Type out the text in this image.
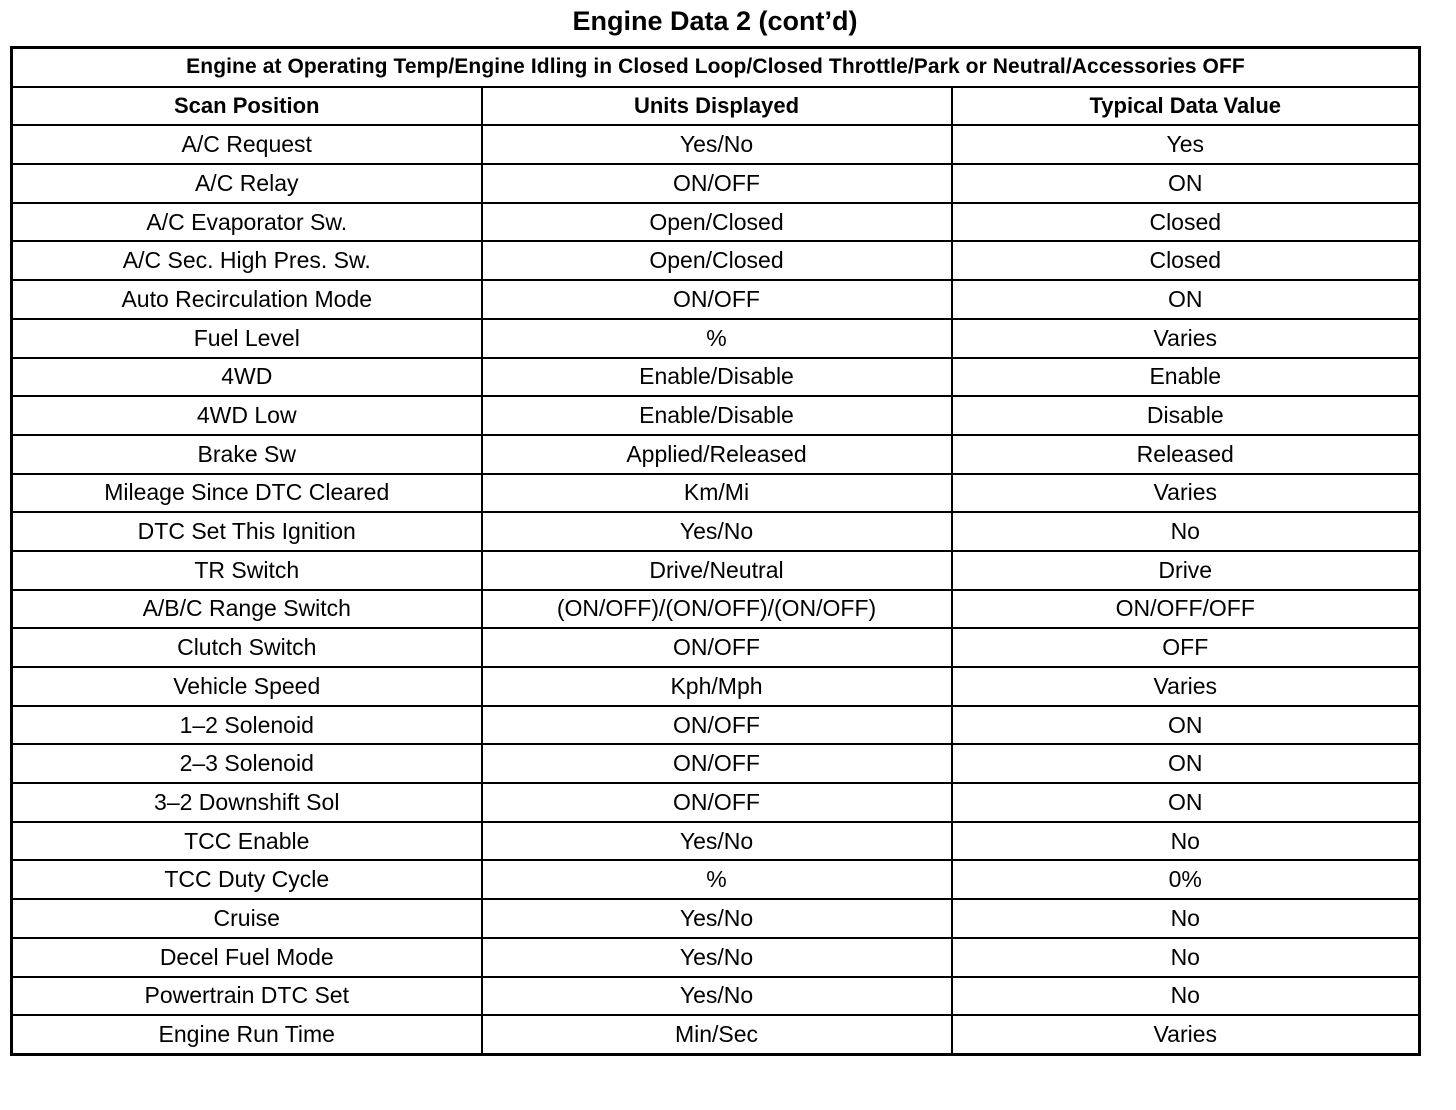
Engine Data 2 (cont’d)
Engine at Operating Temp/Engine Idling in Closed Loop/Closed Throttle/Park or Neutral/Accessories OFF		
Scan Position	Units Displayed	Typical Data Value
A/C Request	Yes/No	Yes
A/C Relay	ON/OFF	ON
A/C Evaporator Sw.	Open/Closed	Closed
A/C Sec. High Pres. Sw.	Open/Closed	Closed
Auto Recirculation Mode	ON/OFF	ON
Fuel Level	%	Varies
4WD	Enable/Disable	Enable
4WD Low	Enable/Disable	Disable
Brake Sw	Applied/Released	Released
Mileage Since DTC Cleared	Km/Mi	Varies
DTC Set This Ignition	Yes/No	No
TR Switch	Drive/Neutral	Drive
A/B/C Range Switch	(ON/OFF)/(ON/OFF)/(ON/OFF)	ON/OFF/OFF
Clutch Switch	ON/OFF	OFF
Vehicle Speed	Kph/Mph	Varies
1–2 Solenoid	ON/OFF	ON
2–3 Solenoid	ON/OFF	ON
3–2 Downshift Sol	ON/OFF	ON
TCC Enable	Yes/No	No
TCC Duty Cycle	%	0%
Cruise	Yes/No	No
Decel Fuel Mode	Yes/No	No
Powertrain DTC Set	Yes/No	No
Engine Run Time	Min/Sec	Varies
